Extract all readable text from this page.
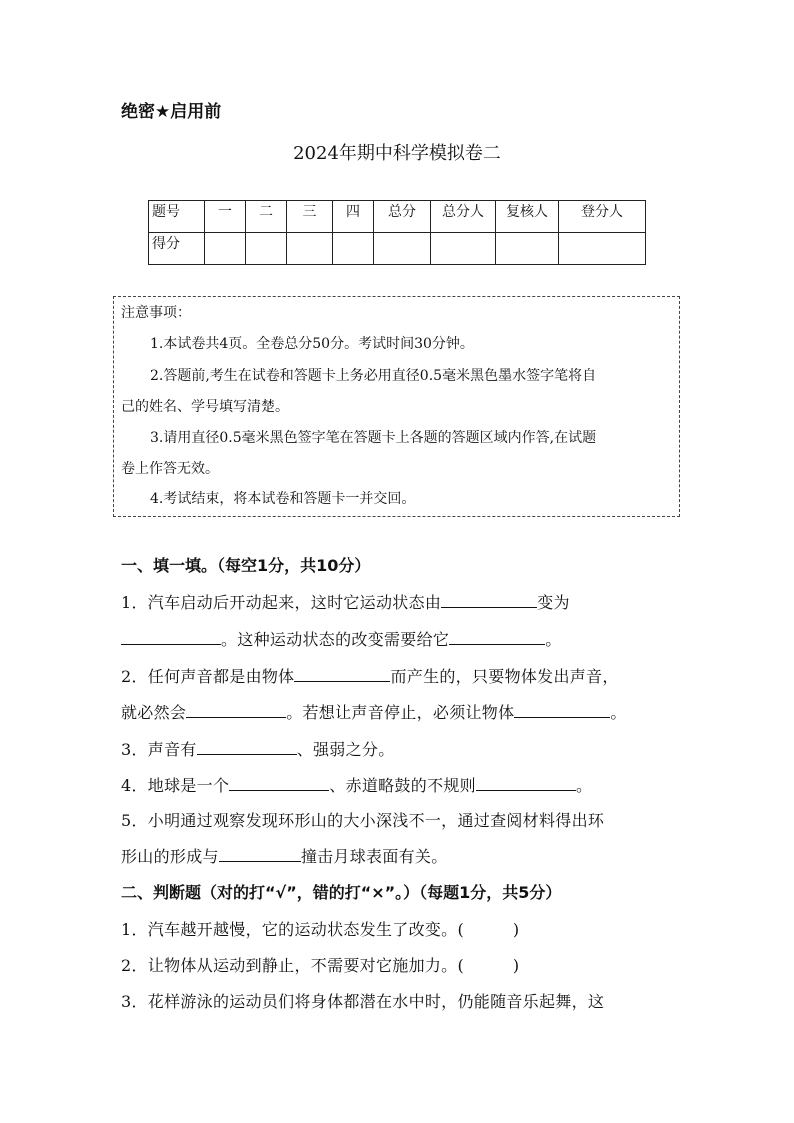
绝密★启用前
2024年期中科学模拟卷二
题号	一	二	三	四	总分	总分人	复核人	登分人
得分								
注意事项：
1.本试卷共4页。全卷总分50分。考试时间30分钟。
2.答题前,考生在试卷和答题卡上务必用直径0.5毫米黑色墨水签字笔将自
己的姓名、学号填写清楚。
3.请用直径0.5毫米黑色签字笔在答题卡上各题的答题区域内作答,在试题
卷上作答无效。
4.考试结束，将本试卷和答题卡一并交回。
一、填一填。（每空1分，共10分）
1．汽车启动后开动起来，这时它运动状态由	变为
。这种运动状态的改变需要给它	。
2．任何声音都是由物体	而产生的，只要物体发出声音，
就必然会	。若想让声音停止，必须让物体	。
3．声音有	、强弱之分。
4．地球是一个	、赤道略鼓的不规则	。
5．小明通过观察发现环形山的大小深浅不一，通过查阅材料得出环
形山的形成与	撞击月球表面有关。
二、判断题（对的打“√”，错的打“×”。）（每题1分，共5分）
1．汽车越开越慢，它的运动状态发生了改变。(　　　)
2．让物体从运动到静止，不需要对它施加力。(　　　)
3．花样游泳的运动员们将身体都潜在水中时，仍能随音乐起舞，这
